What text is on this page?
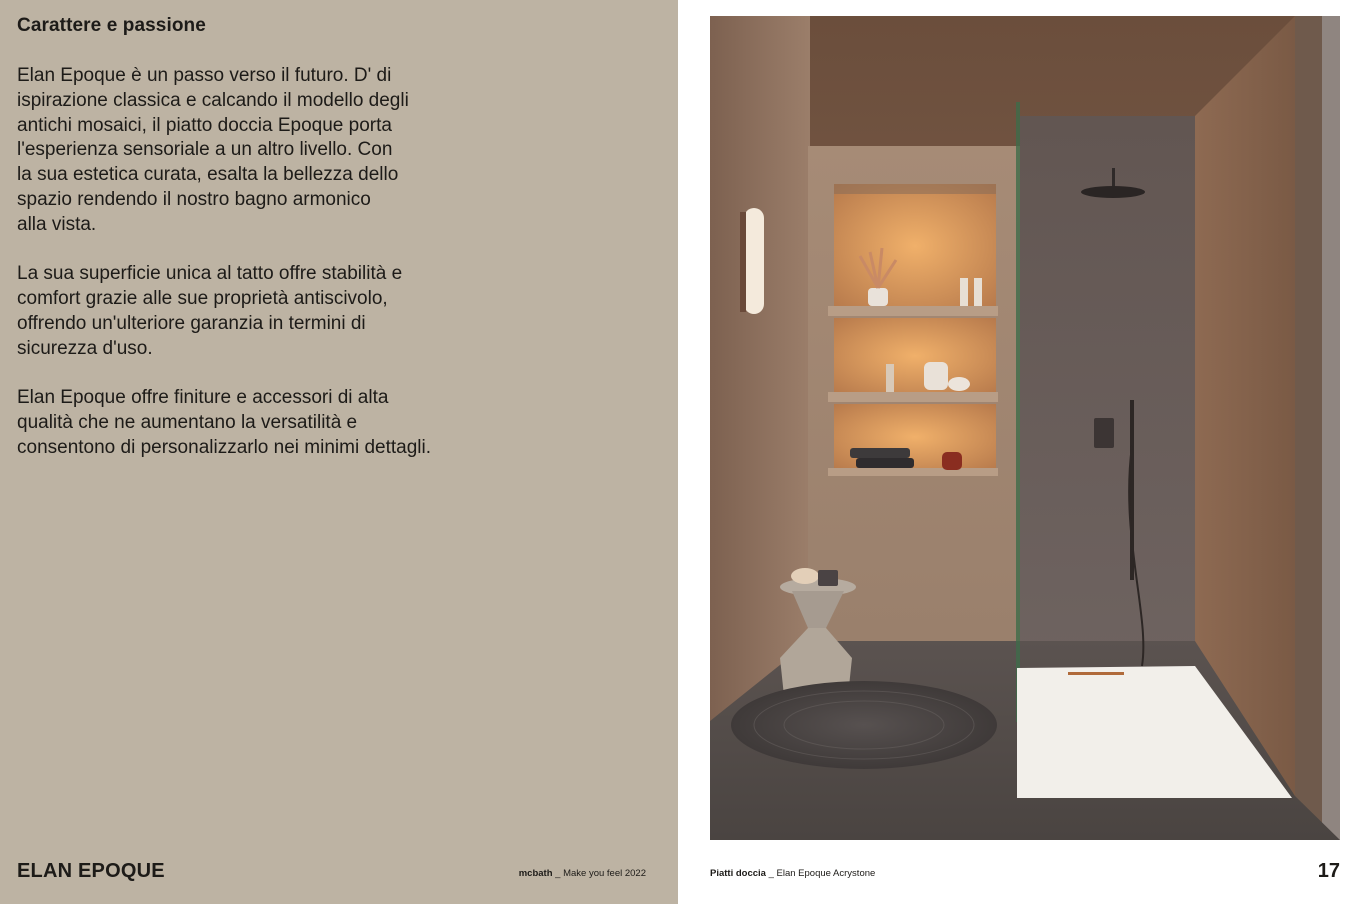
Carattere e passione

Elan Epoque è un passo verso il futuro. D' di
ispirazione classica e calcando il modello degli
antichi mosaici, il piatto doccia Epoque porta
l'esperienza sensoriale a un altro livello. Con
la sua estetica curata, esalta la bellezza dello
spazio rendendo il nostro bagno armonico
alla vista.

La sua superficie unica al tatto offre stabilità e
comfort grazie alle sue proprietà antiscivolo,
offrendo un'ulteriore garanzia in termini di
sicurezza d'uso.

Elan Epoque offre finiture e accessori di alta
qualità che ne aumentano la versatilità e
consentono di personalizzarlo nei minimi dettagli.

ELAN EPOQUE	mcbath _ Make you feel 2022	Piatti doccia _ Elan Epoque Acrystone	17
